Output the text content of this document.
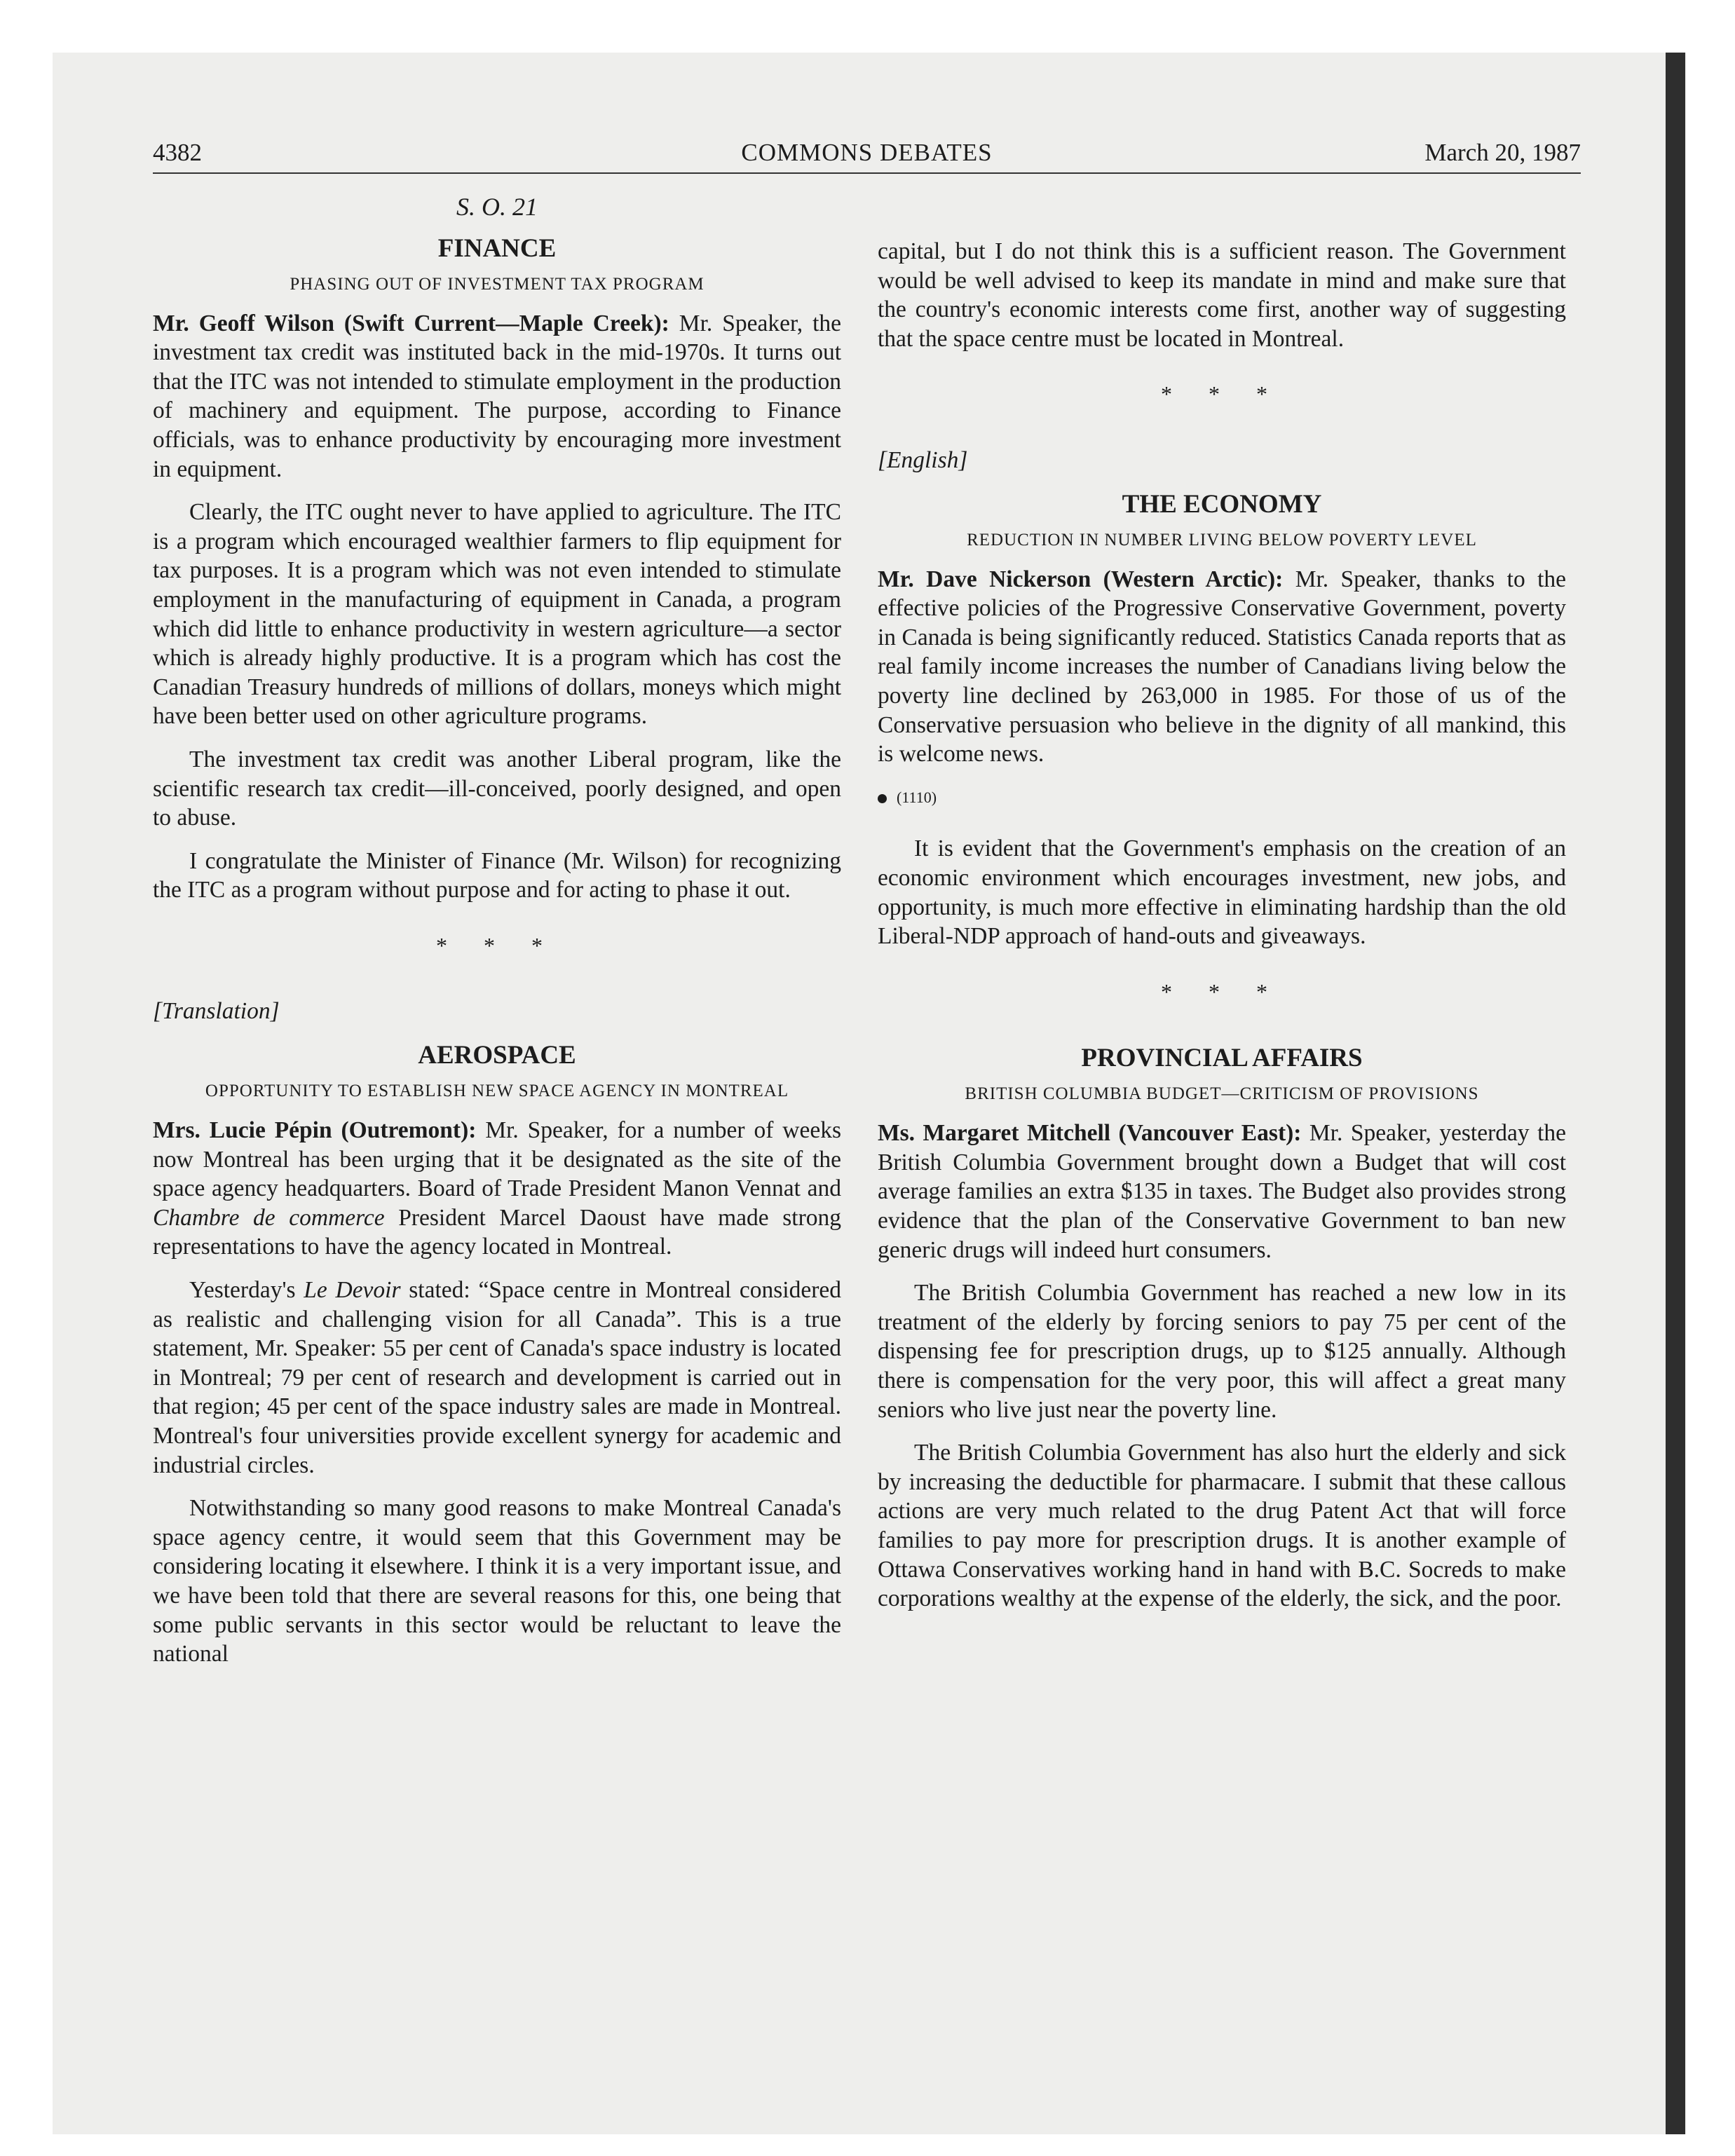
4382	COMMONS DEBATES	March 20, 1987
S. O. 21
FINANCE
PHASING OUT OF INVESTMENT TAX PROGRAM

Mr. Geoff Wilson (Swift Current—Maple Creek): Mr. Speaker, the investment tax credit was instituted back in the mid-1970s. It turns out that the ITC was not intended to stimulate employment in the production of machinery and equipment. The purpose, according to Finance officials, was to enhance productivity by encouraging more investment in equipment.

Clearly, the ITC ought never to have applied to agriculture. The ITC is a program which encouraged wealthier farmers to flip equipment for tax purposes. It is a program which was not even intended to stimulate employment in the manufacturing of equipment in Canada, a program which did little to enhance productivity in western agriculture—a sector which is already highly productive. It is a program which has cost the Canadian Treasury hundreds of millions of dollars, moneys which might have been better used on other agriculture programs.

The investment tax credit was another Liberal program, like the scientific research tax credit—ill-conceived, poorly designed, and open to abuse.

I congratulate the Minister of Finance (Mr. Wilson) for recognizing the ITC as a program without purpose and for acting to phase it out.

* * *
[Translation]
AEROSPACE
OPPORTUNITY TO ESTABLISH NEW SPACE AGENCY IN MONTREAL

Mrs. Lucie Pépin (Outremont): Mr. Speaker, for a number of weeks now Montreal has been urging that it be designated as the site of the space agency headquarters. Board of Trade President Manon Vennat and Chambre de commerce President Marcel Daoust have made strong representations to have the agency located in Montreal.

Yesterday's Le Devoir stated: “Space centre in Montreal considered as realistic and challenging vision for all Canada”. This is a true statement, Mr. Speaker: 55 per cent of Canada's space industry is located in Montreal; 79 per cent of research and development is carried out in that region; 45 per cent of the space industry sales are made in Montreal. Montreal's four universities provide excellent synergy for academic and industrial circles.

Notwithstanding so many good reasons to make Montreal Canada's space agency centre, it would seem that this Government may be considering locating it elsewhere. I think it is a very important issue, and we have been told that there are several reasons for this, one being that some public servants in this sector would be reluctant to leave the national

capital, but I do not think this is a sufficient reason. The Government would be well advised to keep its mandate in mind and make sure that the country's economic interests come first, another way of suggesting that the space centre must be located in Montreal.

* * *
[English]
THE ECONOMY
REDUCTION IN NUMBER LIVING BELOW POVERTY LEVEL

Mr. Dave Nickerson (Western Arctic): Mr. Speaker, thanks to the effective policies of the Progressive Conservative Government, poverty in Canada is being significantly reduced. Statistics Canada reports that as real family income increases the number of Canadians living below the poverty line declined by 263,000 in 1985. For those of us of the Conservative persuasion who believe in the dignity of all mankind, this is welcome news.

(1110)

It is evident that the Government's emphasis on the creation of an economic environment which encourages investment, new jobs, and opportunity, is much more effective in eliminating hardship than the old Liberal-NDP approach of hand-outs and giveaways.

* * *
PROVINCIAL AFFAIRS
BRITISH COLUMBIA BUDGET—CRITICISM OF PROVISIONS

Ms. Margaret Mitchell (Vancouver East): Mr. Speaker, yesterday the British Columbia Government brought down a Budget that will cost average families an extra $135 in taxes. The Budget also provides strong evidence that the plan of the Conservative Government to ban new generic drugs will indeed hurt consumers.

The British Columbia Government has reached a new low in its treatment of the elderly by forcing seniors to pay 75 per cent of the dispensing fee for prescription drugs, up to $125 annually. Although there is compensation for the very poor, this will affect a great many seniors who live just near the poverty line.

The British Columbia Government has also hurt the elderly and sick by increasing the deductible for pharmacare. I submit that these callous actions are very much related to the drug Patent Act that will force families to pay more for prescription drugs. It is another example of Ottawa Conservatives working hand in hand with B.C. Socreds to make corporations wealthy at the expense of the elderly, the sick, and the poor.
